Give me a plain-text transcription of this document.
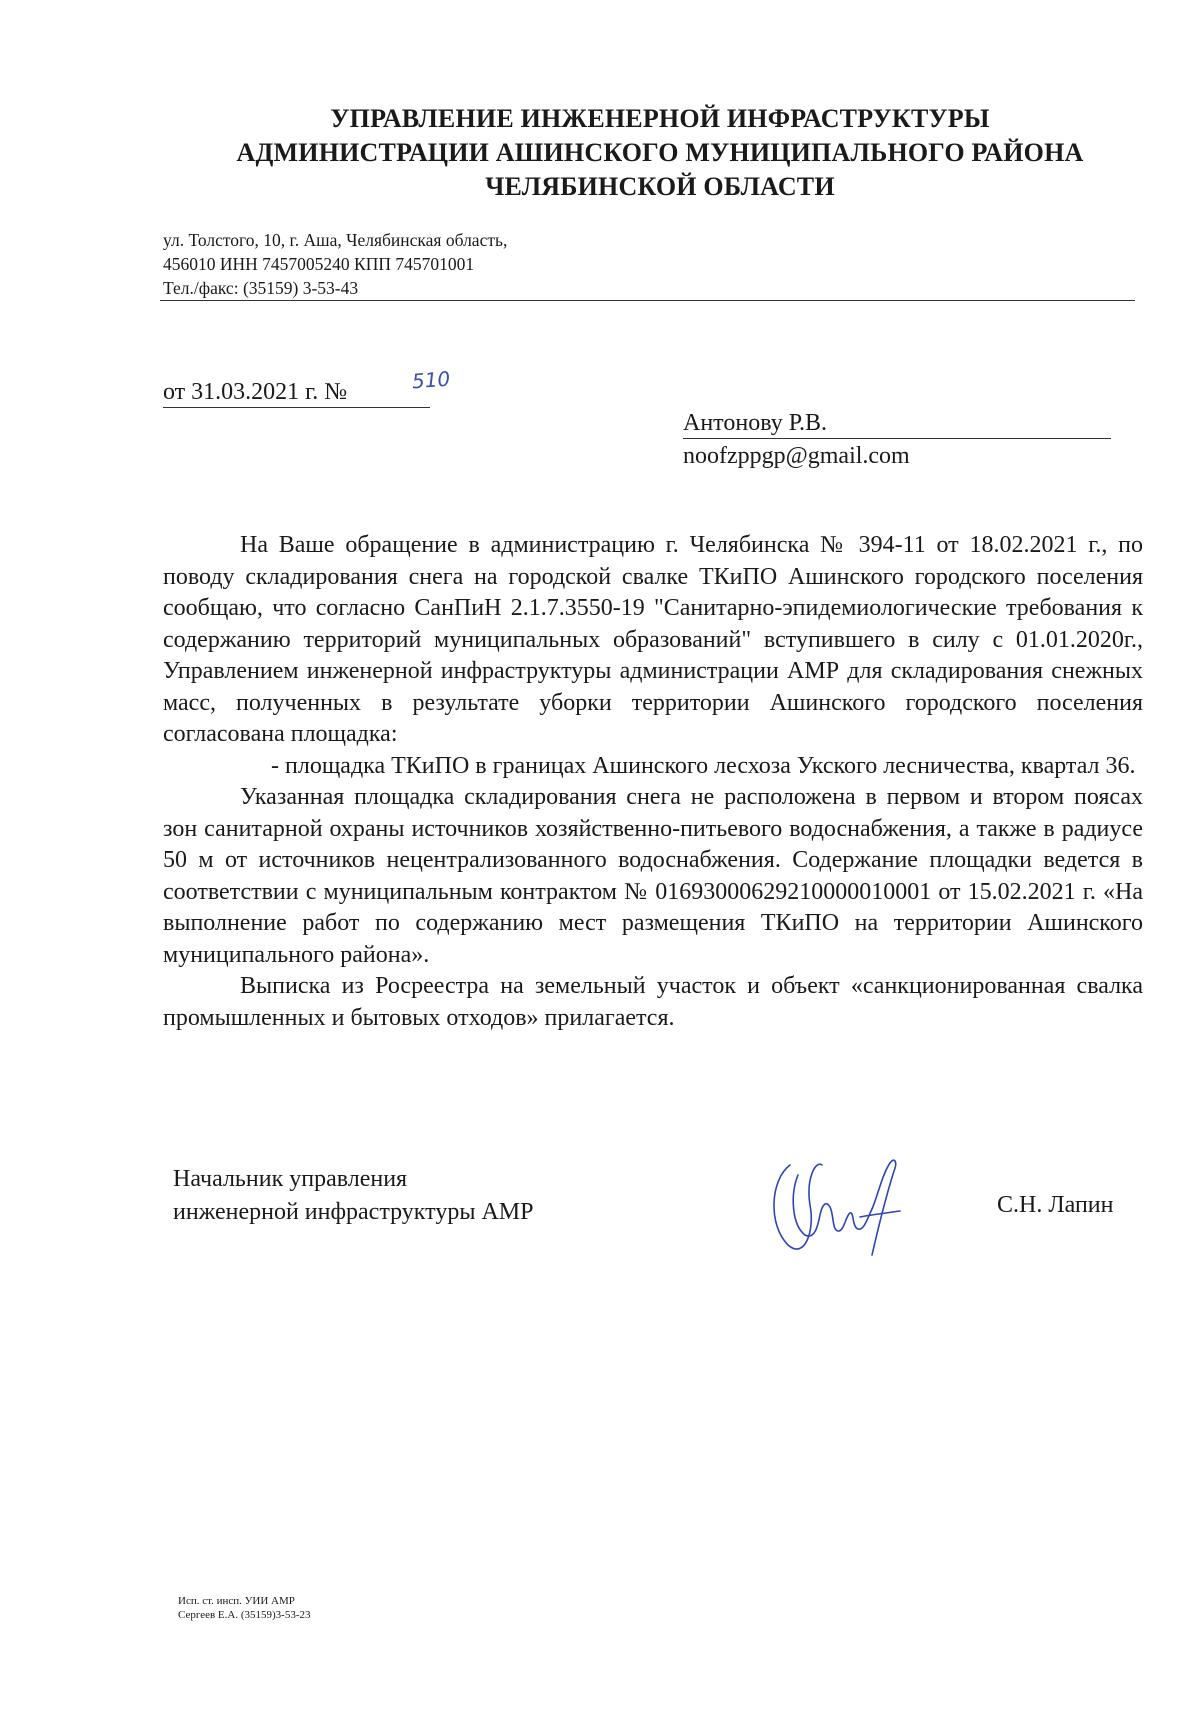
УПРАВЛЕНИЕ ИНЖЕНЕРНОЙ ИНФРАСТРУКТУРЫ
АДМИНИСТРАЦИИ АШИНСКОГО МУНИЦИПАЛЬНОГО РАЙОНА
ЧЕЛЯБИНСКОЙ ОБЛАСТИ
ул. Толстого, 10, г. Аша, Челябинская область,
456010 ИНН 7457005240 КПП 745701001
Тел./факс: (35159) 3-53-43
от 31.03.2021 г. №	510
Антонову Р.В.
noofzppgp@gmail.com

На Ваше обращение в администрацию г. Челябинска № 394-11 от 18.02.2021 г., по поводу складирования снега на городской свалке ТКиПО Ашинского городского поселения сообщаю, что согласно СанПиН 2.1.7.3550-19 "Санитарно-эпидемиологические требования к содержанию территорий муниципальных образований" вступившего в силу с 01.01.2020г., Управлением инженерной инфраструктуры администрации АМР для складирования снежных масс, полученных в результате уборки территории Ашинского городского поселения согласована площадка:

- площадка ТКиПО в границах Ашинского лесхоза Укского лесничества, квартал 36.

Указанная площадка складирования снега не расположена в первом и втором поясах зон санитарной охраны источников хозяйственно-питьевого водоснабжения, а также в радиусе 50 м от источников нецентрализованного водоснабжения. Содержание площадки ведется в соответствии с муниципальным контрактом № 0169300062921000001000‌1 от 15.02.2021 г. «На выполнение работ по содержанию мест размещения ТКиПО на территории Ашинского муниципального района».

Выписка из Росреестра на земельный участок и объект «санкционированная свалка промышленных и бытовых отходов» прилагается.

Начальник управления
инженерной инфраструктуры АМР	С.Н. Лапин
Исп. ст. инсп. УИИ АМР
Сергеев Е.А. (35159)3-53-23
